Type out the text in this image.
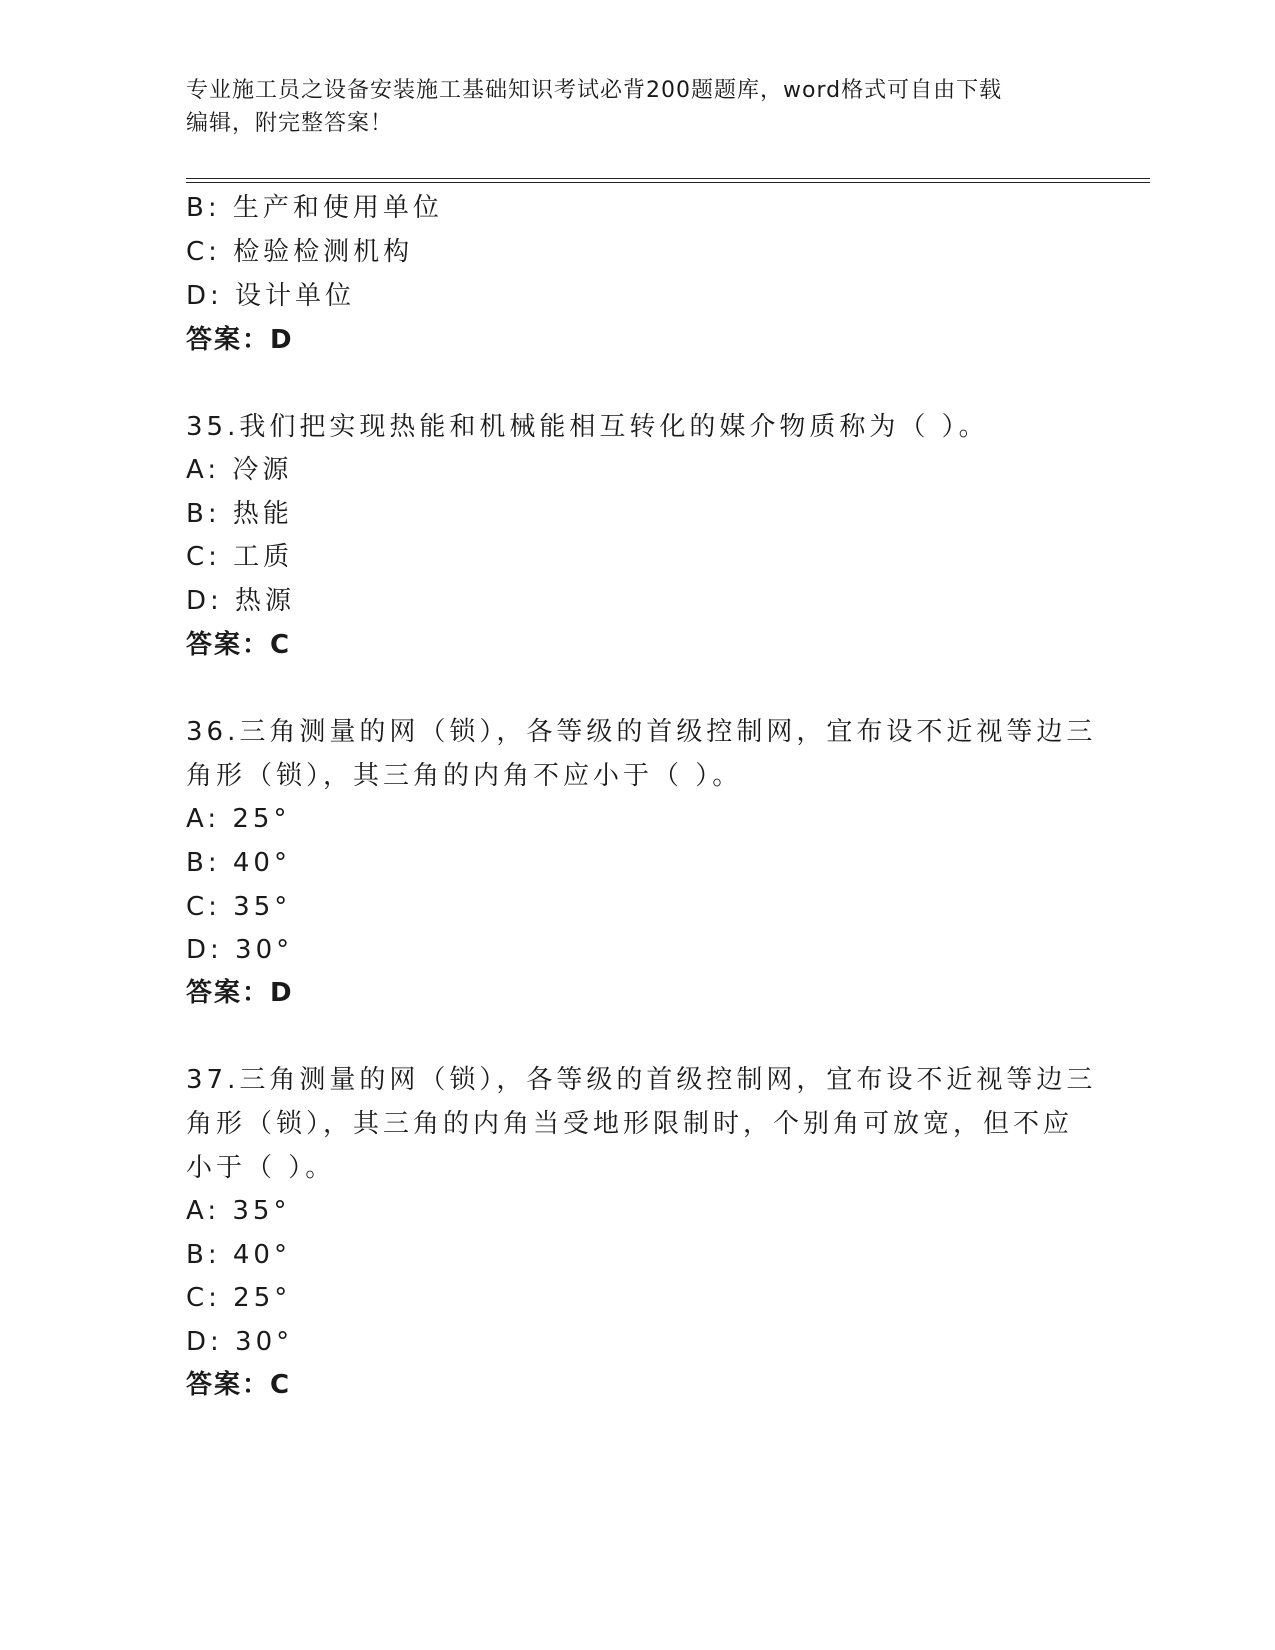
专业施工员之设备安装施工基础知识考试必背200题题库，word格式可自由下载
编辑，附完整答案！
B: 生产和使用单位
C: 检验检测机构
D: 设计单位
答案：D
35.我们把实现热能和机械能相互转化的媒介物质称为（ ）。
A: 冷源
B: 热能
C: 工质
D: 热源
答案：C
36.三角测量的网（锁），各等级的首级控制网，宜布设不近视等边三
角形（锁），其三角的内角不应小于（ ）。
A: 25°
B: 40°
C: 35°
D: 30°
答案：D
37.三角测量的网（锁），各等级的首级控制网，宜布设不近视等边三
角形（锁），其三角的内角当受地形限制时，个别角可放宽，但不应
小于（ ）。
A: 35°
B: 40°
C: 25°
D: 30°
答案：C
